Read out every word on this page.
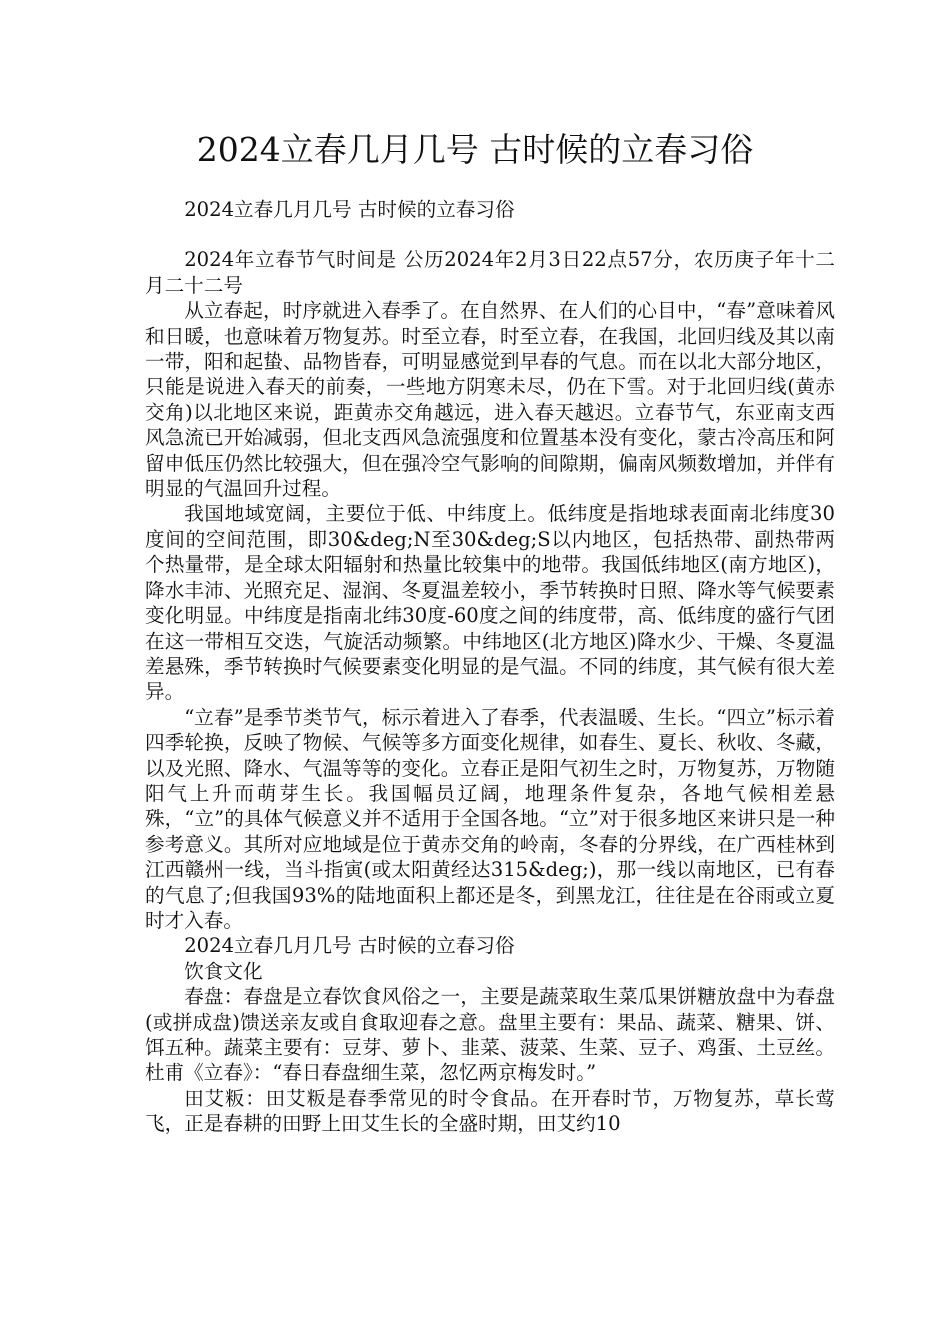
2024立春几月几号 古时候的立春习俗

2024立春几月几号 古时候的立春习俗

2024年立春节气时间是 公历2024年2月3日22点57分，农历庚子年十二月二十二号

从立春起，时序就进入春季了。在自然界、在人们的心目中，“春”意味着风和日暖，也意味着万物复苏。时至立春，时至立春，在我国，北回归线及其以南一带，阳和起蛰、品物皆春，可明显感觉到早春的气息。而在以北大部分地区，只能是说进入春天的前奏，一些地方阴寒未尽，仍在下雪。对于北回归线(黄赤交角)以北地区来说，距黄赤交角越远，进入春天越迟。立春节气，东亚南支西风急流已开始减弱，但北支西风急流强度和位置基本没有变化，蒙古冷高压和阿留申低压仍然比较强大，但在强冷空气影响的间隙期，偏南风频数增加，并伴有明显的气温回升过程。

我国地域宽阔，主要位于低、中纬度上。低纬度是指地球表面南北纬度30度间的空间范围，即30&deg;N至30&deg;S以内地区，包括热带、副热带两个热量带，是全球太阳辐射和热量比较集中的地带。我国低纬地区(南方地区)，降水丰沛、光照充足、湿润、冬夏温差较小，季节转换时日照、降水等气候要素变化明显。中纬度是指南北纬30度-60度之间的纬度带，高、低纬度的盛行气团在这一带相互交迭，气旋活动频繁。中纬地区(北方地区)降水少、干燥、冬夏温差悬殊，季节转换时气候要素变化明显的是气温。不同的纬度，其气候有很大差异。

“立春”是季节类节气，标示着进入了春季，代表温暖、生长。“四立”标示着四季轮换，反映了物候、气候等多方面变化规律，如春生、夏长、秋收、冬藏，以及光照、降水、气温等等的变化。立春正是阳气初生之时，万物复苏，万物随阳气上升而萌芽生长。我国幅员辽阔，地理条件复杂，各地气候相差悬殊，“立”的具体气候意义并不适用于全国各地。“立”对于很多地区来讲只是一种参考意义。其所对应地域是位于黄赤交角的岭南，冬春的分界线，在广西桂林到江西赣州一线，当斗指寅(或太阳黄经达315&deg;)，那一线以南地区，已有春的气息了;但我国93%的陆地面积上都还是冬，到黑龙江，往往是在谷雨或立夏时才入春。

2024立春几月几号 古时候的立春习俗

饮食文化

春盘：春盘是立春饮食风俗之一，主要是蔬菜取生菜瓜果饼糖放盘中为春盘(或拼成盘)馈送亲友或自食取迎春之意。盘里主要有：果品、蔬菜、糖果、饼、饵五种。蔬菜主要有：豆芽、萝卜、韭菜、菠菜、生菜、豆子、鸡蛋、土豆丝。杜甫《立春》：“春日春盘细生菜，忽忆两京梅发时。”

田艾粄：田艾粄是春季常见的时令食品。在开春时节，万物复苏，草长莺飞，正是春耕的田野上田艾生长的全盛时期，田艾约10
